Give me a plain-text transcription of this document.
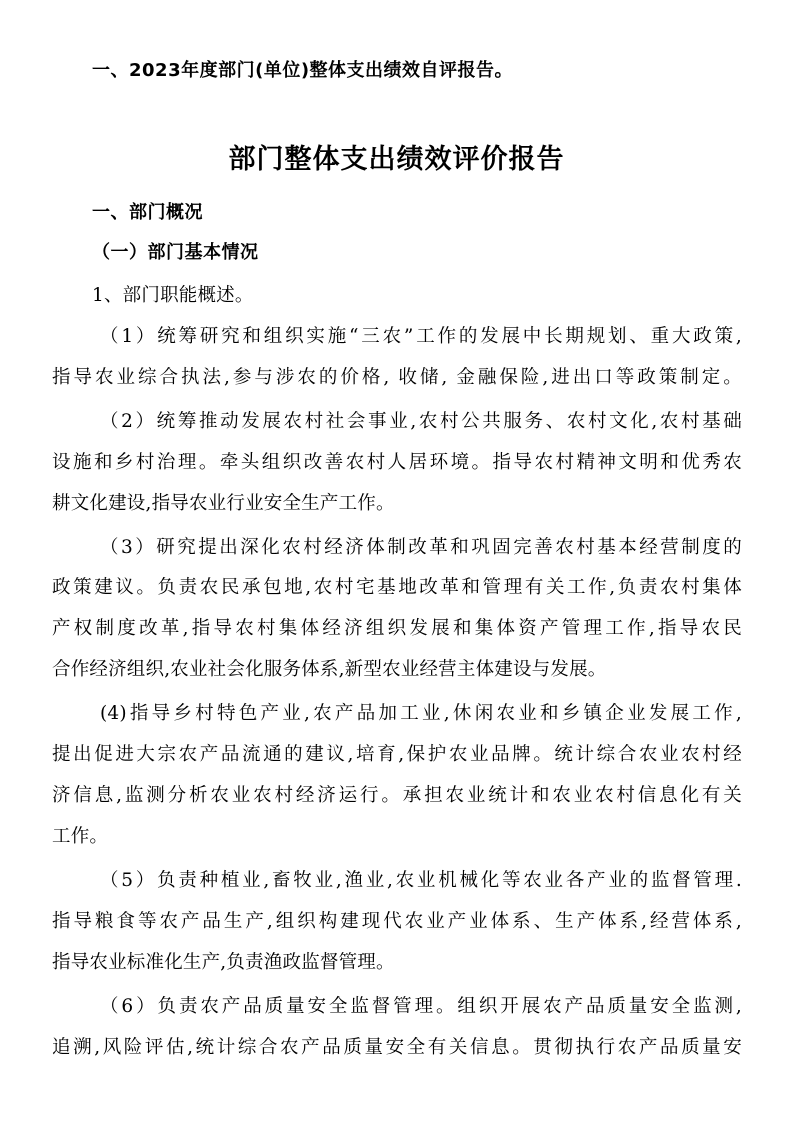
一、2023年度部门(单位)整体支出绩效自评报告。
部门整体支出绩效评价报告
一、部门概况
（一）部门基本情况
1、部门职能概述。
（1）统筹研究和组织实施“三农”工作的发展中长期规划、重大政策,
指导农业综合执法,参与涉农的价格, 收储, 金融保险,进出口等政策制定。
（2）统筹推动发展农村社会事业,农村公共服务、农村文化,农村基础
设施和乡村治理。牵头组织改善农村人居环境。指导农村精神文明和优秀农
耕文化建设,指导农业行业安全生产工作。
（3）研究提出深化农村经济体制改革和巩固完善农村基本经营制度的
政策建议。负责农民承包地,农村宅基地改革和管理有关工作,负责农村集体
产权制度改革,指导农村集体经济组织发展和集体资产管理工作,指导农民
合作经济组织,农业社会化服务体系,新型农业经营主体建设与发展。
(4)指导乡村特色产业,农产品加工业,休闲农业和乡镇企业发展工作,
提出促进大宗农产品流通的建议,培育,保护农业品牌。统计综合农业农村经
济信息,监测分析农业农村经济运行。承担农业统计和农业农村信息化有关
工作。
（5）负责种植业,畜牧业,渔业,农业机械化等农业各产业的监督管理.
指导粮食等农产品生产,组织构建现代农业产业体系、生产体系,经营体系,
指导农业标准化生产,负责渔政监督管理。
（6）负责农产品质量安全监督管理。组织开展农产品质量安全监测,
追溯,风险评估,统计综合农产品质量安全有关信息。贯彻执行农产品质量安
